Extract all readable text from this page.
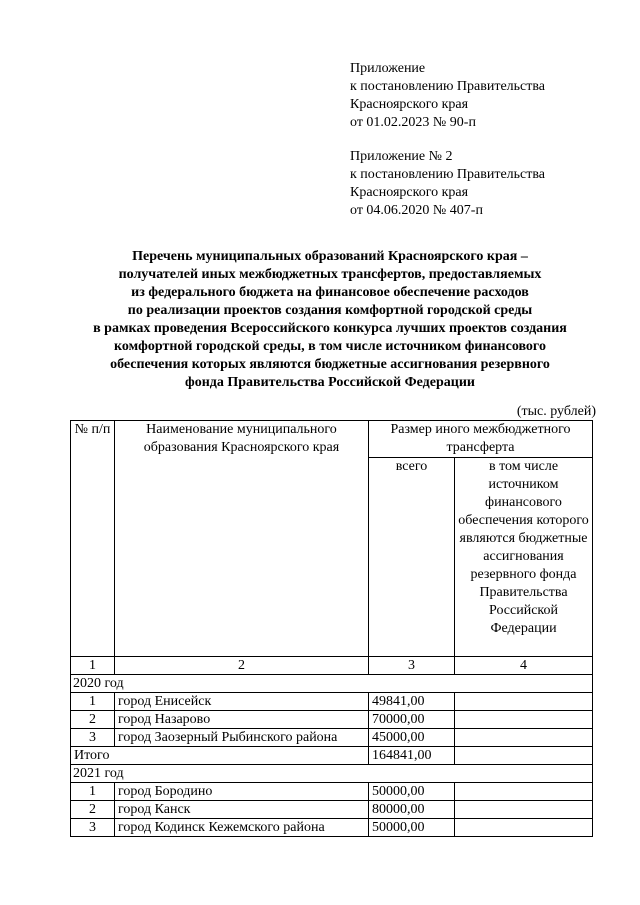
Приложение
к постановлению Правительства
Красноярского края
от 01.02.2023 № 90-п
Приложение № 2
к постановлению Правительства
Красноярского края
от 04.06.2020 № 407-п
Перечень муниципальных образований Красноярского края –
получателей иных межбюджетных трансфертов, предоставляемых
из федерального бюджета на финансовое обеспечение расходов
по реализации проектов создания комфортной городской среды
в рамках проведения Всероссийского конкурса лучших проектов создания
комфортной городской среды, в том числе источником финансового
обеспечения которых являются бюджетные ассигнования резервного
фонда Правительства Российской Федерации
(тыс. рублей)
№ п/п	Наименование муниципального образования Красноярского края	Размер иного межбюджетного трансферта	
		всего	в том числе источником финансового обеспечения которого являются бюджетные ассигнования резервного фонда Правительства Российской Федерации
1	2	3	4
2020 год			
1	город Енисейск	49841,00	
2	город Назарово	70000,00	
3	город Заозерный Рыбинского района	45000,00	
Итого		164841,00	
2021 год			
1	город Бородино	50000,00	
2	город Канск	80000,00	
3	город Кодинск Кежемского района	50000,00	
